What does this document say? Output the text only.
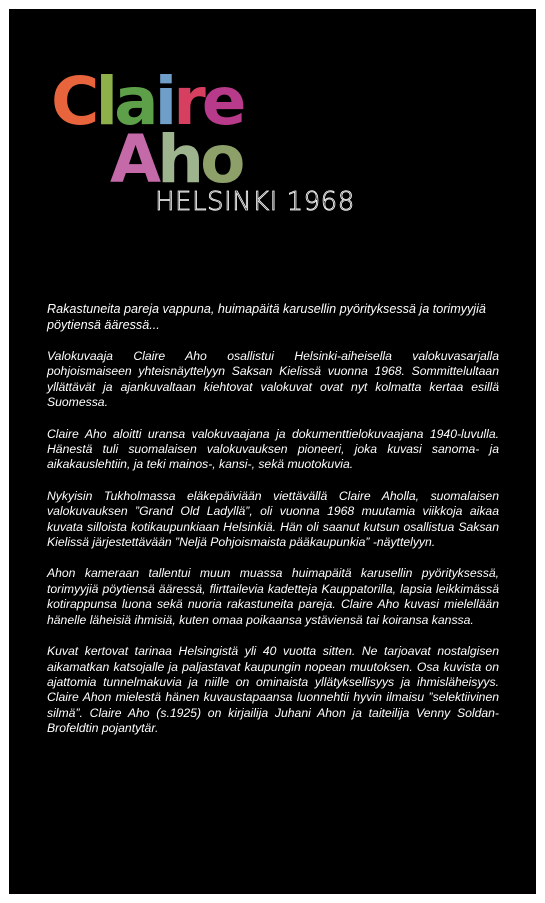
Claire
Aho
HELSINKI 1968

Rakastuneita pareja vappuna, huimapäitä karusellin pyörityksessä ja torimyyjiä pöytiensä ääressä...

Valokuvaaja Claire Aho osallistui Helsinki-aiheisella valokuvasarjalla pohjoismaiseen yhteisnäyttelyyn Saksan Kielissä vuonna 1968. Sommittelultaan yllättävät ja ajankuvaltaan kiehtovat valokuvat ovat nyt kolmatta kertaa esillä Suomessa.

Claire Aho aloitti uransa valokuvaajana ja dokumenttielokuvaajana 1940-luvulla. Hänestä tuli suomalaisen valokuvauksen pioneeri, joka kuvasi sanoma- ja aikakauslehtiin, ja teki mainos-, kansi-, sekä muotokuvia.

Nykyisin Tukholmassa eläkepäiviään viettävällä Claire Aholla, suomalaisen valokuvauksen ”Grand Old Ladyllä”, oli vuonna 1968 muutamia viikkoja aikaa kuvata silloista kotikaupunkiaan Helsinkiä. Hän oli saanut kutsun osallistua Saksan Kielissä järjestettävään ”Neljä Pohjoismaista pääkaupunkia” -näyttelyyn.

Ahon kameraan tallentui muun muassa huimapäitä karusellin pyörityksessä, torimyyjiä pöytiensä ääressä, flirttailevia kadetteja Kauppatorilla, lapsia leikkimässä kotirappunsa luona sekä nuoria rakastuneita pareja. Claire Aho kuvasi mielellään hänelle läheisiä ihmisiä, kuten omaa poikaansa ystäviensä tai koiransa kanssa.

Kuvat kertovat tarinaa Helsingistä yli 40 vuotta sitten. Ne tarjoavat nostalgisen aikamatkan katsojalle ja paljastavat kaupungin nopean muutoksen. Osa kuvista on ajattomia tunnelmakuvia ja niille on ominaista yllätyksellisyys ja ihmisläheisyys. Claire Ahon mielestä hänen kuvaustapaansa luonnehtii hyvin ilmaisu ”selektiivinen silmä”. Claire Aho (s.1925) on kirjailija Juhani Ahon ja taiteilija Venny Soldan-Brofeldtin pojantytär.
